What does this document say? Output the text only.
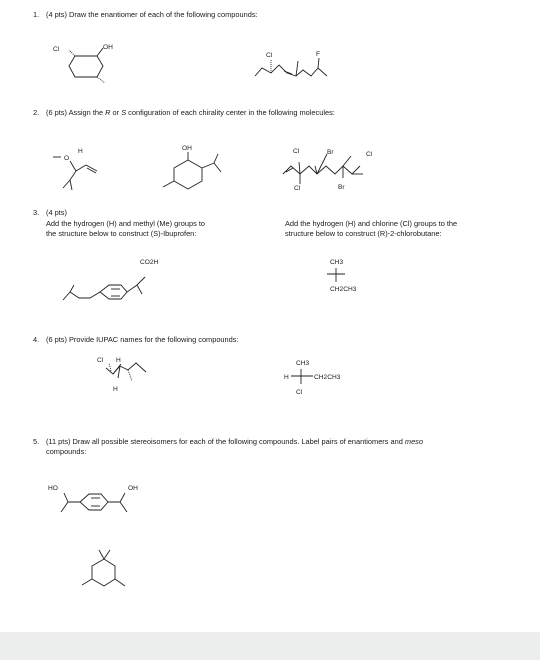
1. (4 pts) Draw the enantiomer of each of the following compounds:
2. (6 pts) Assign the R or S configuration of each chirality center in the following molecules:
3. (4 pts)
Add the hydrogen (H) and methyl (Me) groups to
the structure below to construct (S)-Ibuprofen:
Add the hydrogen (H) and chlorine (Cl) groups to the
structure below to construct (R)-2-chlorobutane:
4. (6 pts) Provide IUPAC names for the following compounds:
5. (11 pts) Draw all possible stereoisomers for each of the following compounds. Label pairs of enantiomers and meso
compounds:
Cl	OH
Cl	F
O
H	OH	Cl
Cl
Br	Cl
Br
CO2H	CH3
CH2CH3
Cl H
H
H
CH3
CH2CH3
Cl
HO	OH
